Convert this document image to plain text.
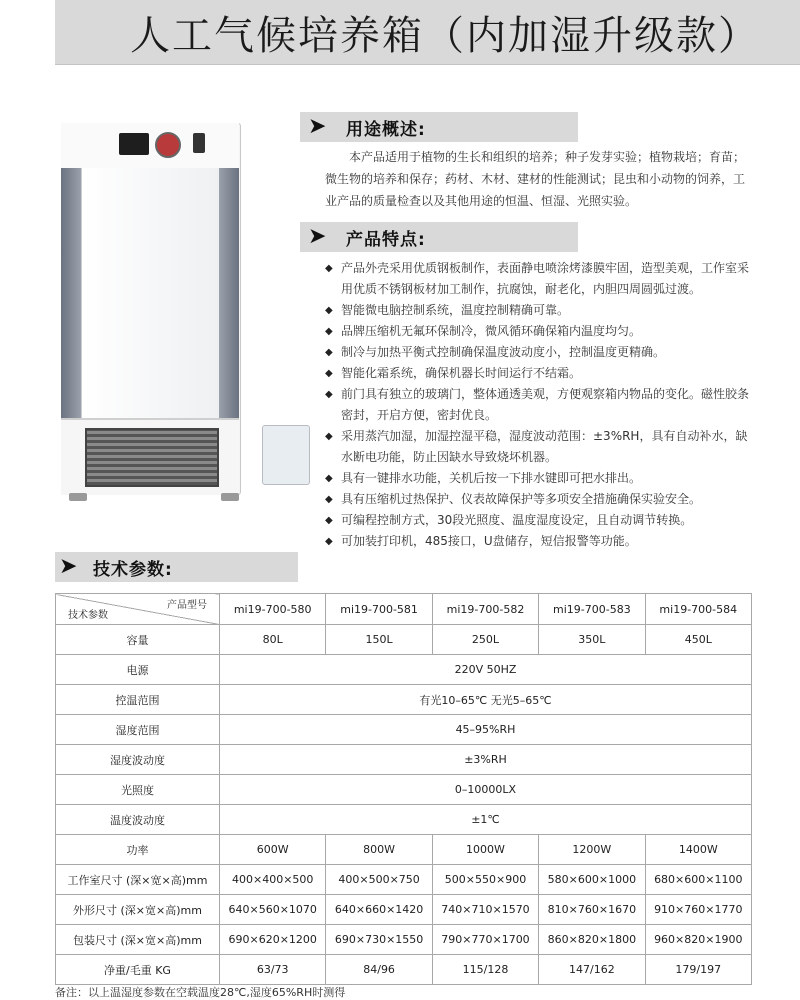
人工气候培养箱（内加湿升级款）
➤ 用途概述:
本产品适用于植物的生长和组织的培养；种子发芽实验；植物栽培；育苗；微生物的培养和保存；药材、木材、建材的性能测试；昆虫和小动物的饲养，工业产品的质量检查以及其他用途的恒温、恒湿、光照实验。
➤ 产品特点:
◆ 产品外壳采用优质钢板制作，表面静电喷涂烤漆膜牢固，造型美观，工作室采用优质不锈钢板材加工制作，抗腐蚀，耐老化，内胆四周圆弧过渡。
◆ 智能微电脑控制系统，温度控制精确可靠。
◆ 品牌压缩机无氟环保制冷，微风循环确保箱内温度均匀。
◆ 制冷与加热平衡式控制确保温度波动度小，控制温度更精确。
◆ 智能化霜系统，确保机器长时间运行不结霜。
◆ 前门具有独立的玻璃门，整体通透美观，方便观察箱内物品的变化。磁性胶条密封，开启方便，密封优良。
◆ 采用蒸汽加湿，加湿控湿平稳，湿度波动范围：±3%RH，具有自动补水，缺水断电功能，防止因缺水导致烧坏机器。
◆ 具有一键排水功能，关机后按一下排水键即可把水排出。
◆ 具有压缩机过热保护、仪表故障保护等多项安全措施确保实验安全。
◆ 可编程控制方式，30段光照度、温度湿度设定，且自动调节转换。
◆ 可加装打印机，485接口，U盘储存，短信报警等功能。
➤ 技术参数:
产品型号
技术参数	mi19-700-580	mi19-700-581	mi19-700-582	mi19-700-583	mi19-700-584
容量	80L	150L	250L	350L	450L
电源	220V 50HZ				
控温范围	有光10–65℃ 无光5–65℃				
湿度范围	45–95%RH				
湿度波动度	±3%RH				
光照度	0–10000LX				
温度波动度	±1℃				
功率	600W	800W	1000W	1200W	1400W
工作室尺寸 (深×宽×高)mm	400×400×500	400×500×750	500×550×900	580×600×1000	680×600×1100
外形尺寸 (深×宽×高)mm	640×560×1070	640×660×1420	740×710×1570	810×760×1670	910×760×1770
包装尺寸 (深×宽×高)mm	690×620×1200	690×730×1550	790×770×1700	860×820×1800	960×820×1900
净重/毛重 KG	63/73	84/96	115/128	147/162	179/197
备注：以上温湿度参数在空载温度28℃,湿度65%RH时测得
